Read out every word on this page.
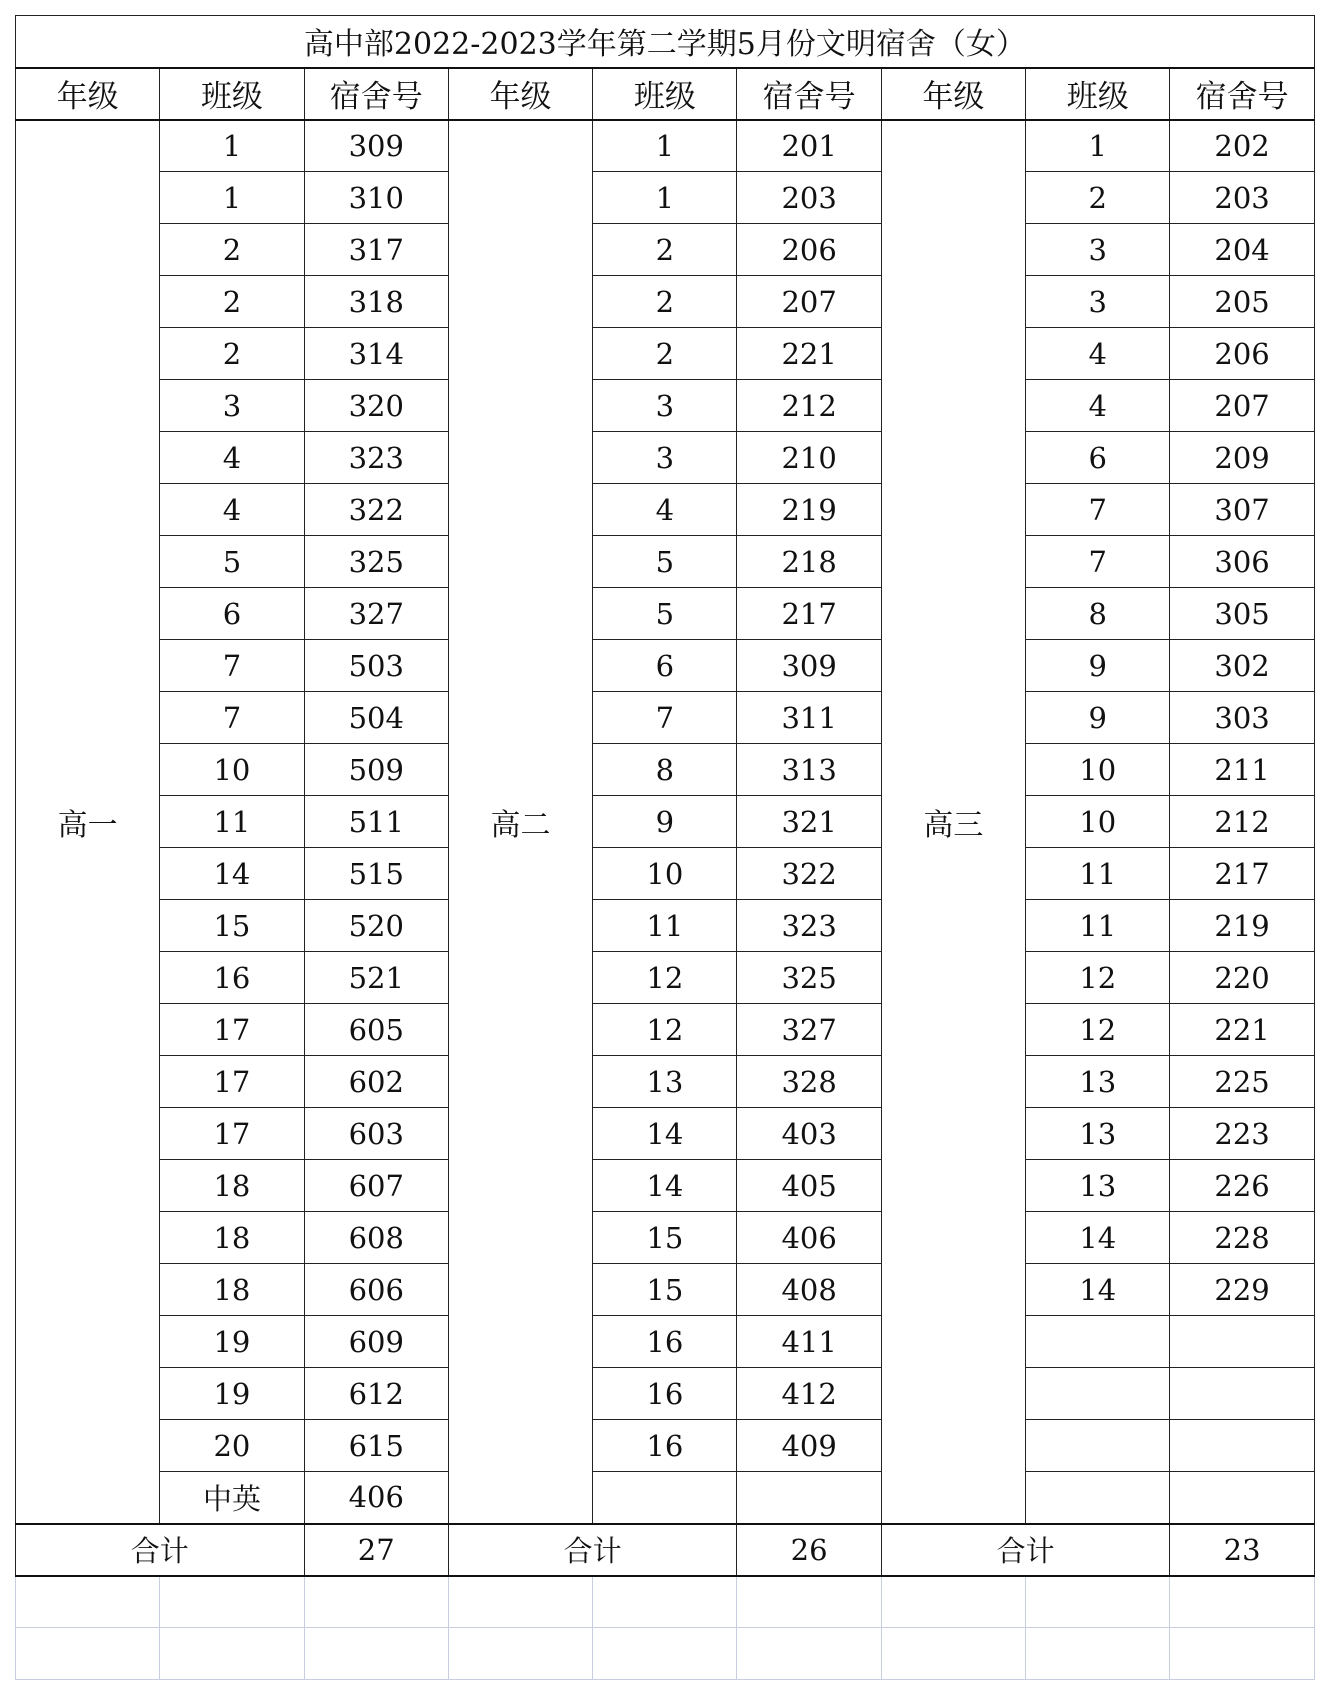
高中部2022-2023学年第二学期5月份文明宿舍（女）								
年级	班级	宿舍号	年级	班级	宿舍号	年级	班级	宿舍号
高一	1	309	高二	1	201	高三	1	202
	1	310		1	203		2	203
	2	317		2	206		3	204
	2	318		2	207		3	205
	2	314		2	221		4	206
	3	320		3	212		4	207
	4	323		3	210		6	209
	4	322		4	219		7	307
	5	325		5	218		7	306
	6	327		5	217		8	305
	7	503		6	309		9	302
	7	504		7	311		9	303
	10	509		8	313		10	211
	11	511		9	321		10	212
	14	515		10	322		11	217
	15	520		11	323		11	219
	16	521		12	325		12	220
	17	605		12	327		12	221
	17	602		13	328		13	225
	17	603		14	403		13	223
	18	607		14	405		13	226
	18	608		15	406		14	228
	18	606		15	408		14	229
	19	609		16	411			
	19	612		16	412			
	20	615		16	409			
	中英	406						
合计		27	合计		26	合计		23
